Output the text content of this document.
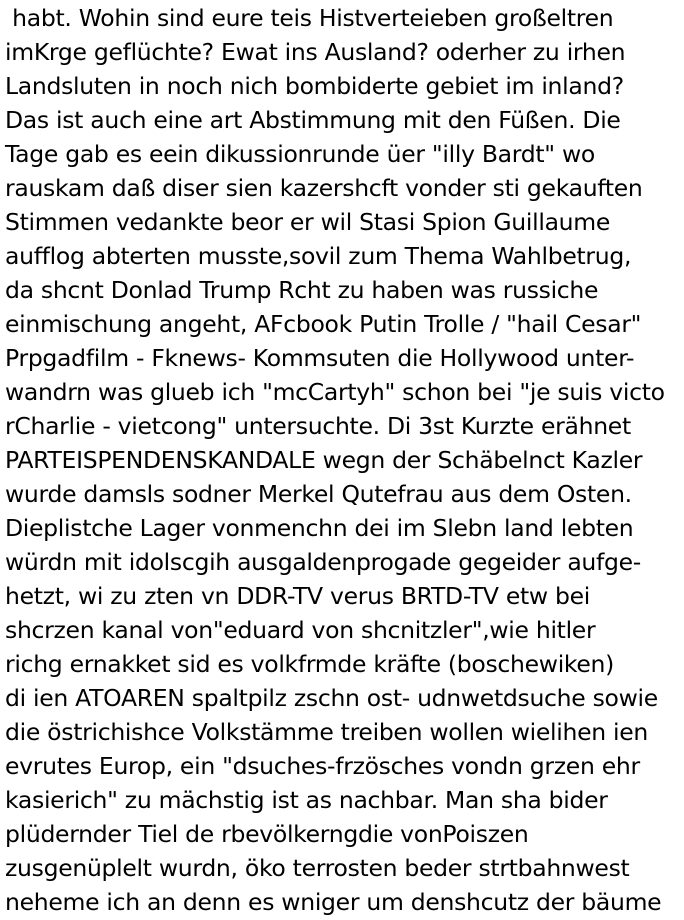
habt. Wohin sind eure teis Histverteieben großeltren

imKrge geflüchte? Ewat ins Ausland? oderher zu irhen

Landsluten in noch nich bombiderte gebiet im inland?

Das ist auch eine art Abstimmung mit den Füßen. Die

Tage gab es eein dikussionrunde üer "illy Bardt" wo

rauskam daß diser sien kazershcft vonder sti gekauften

Stimmen vedankte beor er wil Stasi Spion Guillaume

aufflog abterten musste,sovil zum Thema Wahlbetrug,

da shcnt Donlad Trump Rcht zu haben was russiche

einmischung angeht, AFcbook Putin Trolle / "hail Cesar"

Prpgadfilm - Fknews- Kommsuten die Hollywood unter-

wandrn was glueb ich "mcCartyh" schon bei "je suis victo

rCharlie - vietcong" untersuchte. Di 3st Kurzte erähnet

PARTEISPENDENSKANDALE wegn der Schäbelnct Kazler

wurde damsls sodner Merkel Qutefrau aus dem Osten.

Dieplistche Lager vonmenchn dei im Slebn land lebten

würdn mit idolscgih ausgaldenprogade gegeider aufge-

hetzt, wi zu zten vn DDR-TV verus BRTD-TV etw bei

shcrzen kanal von"eduard von shcnitzler",wie hitler

richg ernakket sid es volkfrmde kräfte (boschewiken)

di ien ATOAREN spaltpilz zschn ost- udnwetdsuche sowie

die östrichishce Volkstämme treiben wollen wielihen ien

evrutes Europ, ein "dsuches-frzösches vondn grzen ehr

kasierich" zu mächstig ist as nachbar. Man sha bider

plüdernder Tiel de rbevölkerngdie vonPoiszen

zusgenüplelt wurdn, öko terrosten beder strtbahnwest

neheme ich an denn es wniger um denshcutz der bäume
